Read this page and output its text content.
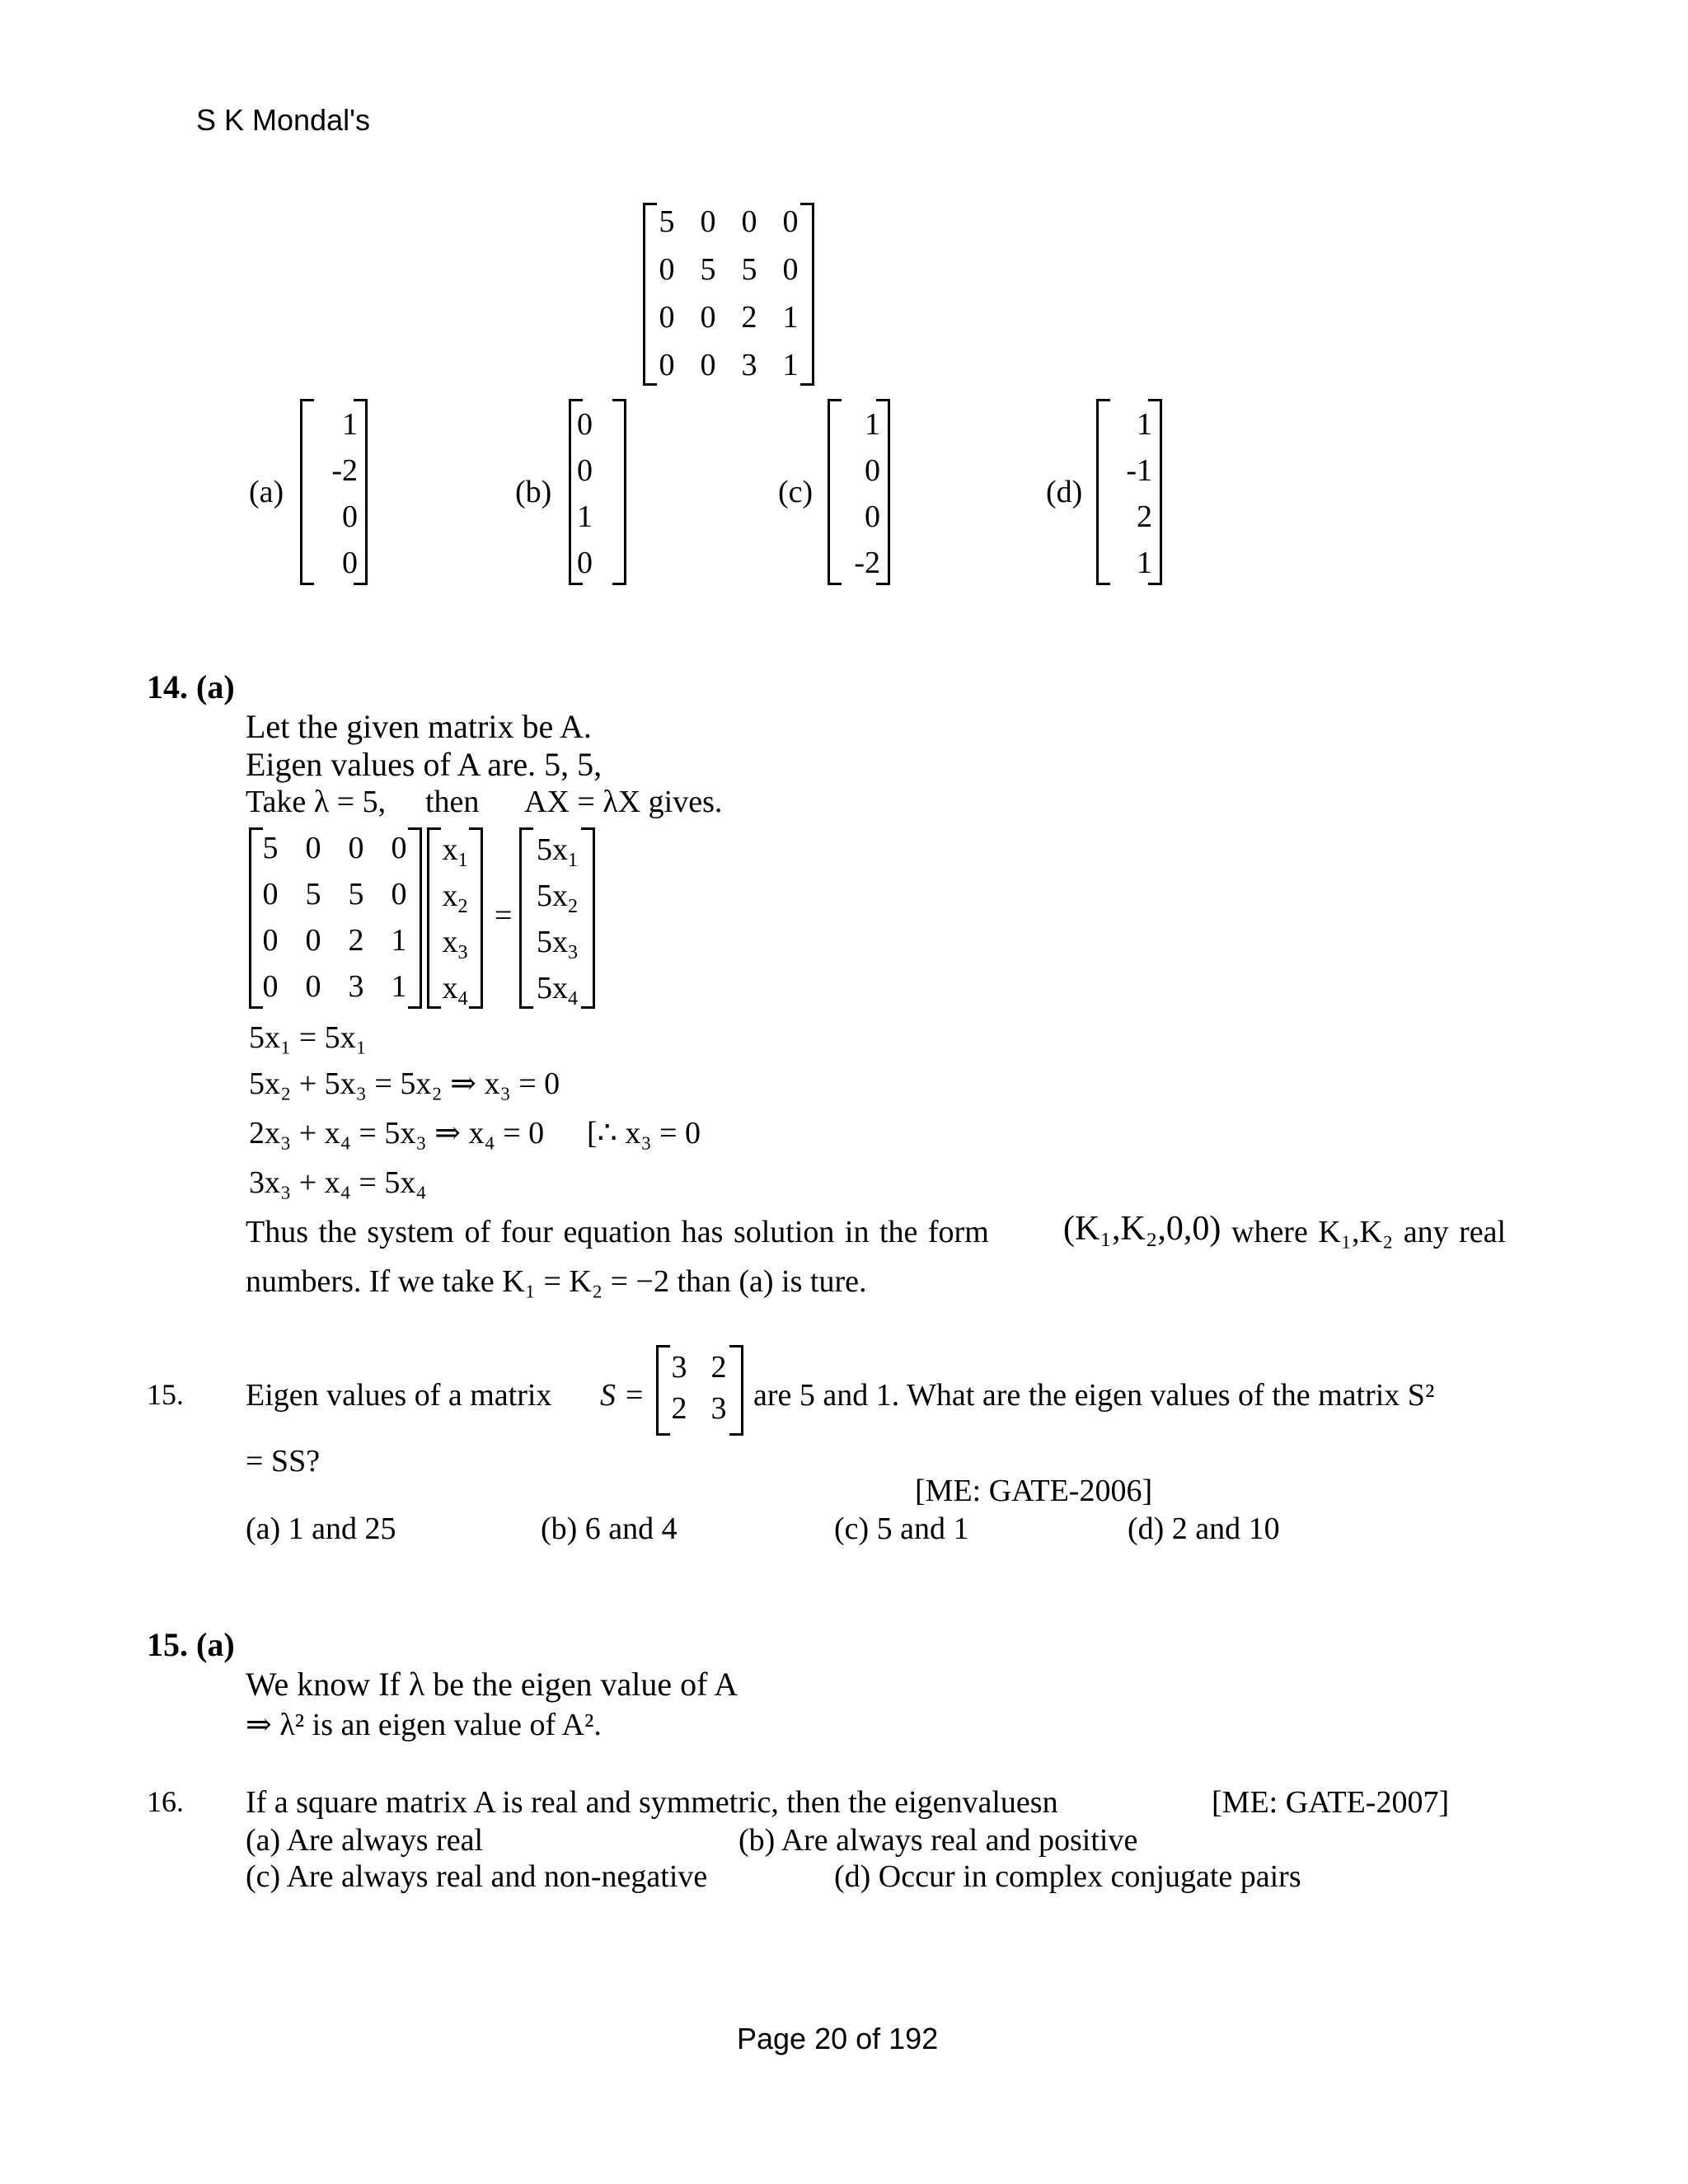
S K Mondal's
5 0 0 0
0 5 5 0
0 0 2 1
0 0 3 1
(a)
1
-2
0
0
(b)
0
0
1
0
(c)
1
0
0
-2
(d)
1
-1
2
1
14. (a)
Let the given matrix be A.
Eigen values of A are. 5, 5,
Take λ = 5, then AX = λX gives.
5 0 0 0
0 5 5 0
0 0 2 1
0 0 3 1
$x_1$
$x_2$
$x_3$
$x_4$
=
$5x_1$
$5x_2$
$5x_3$
$5x_4$
5x₁ = 5x₁
5x₂ + 5x₃ = 5x₂ ⇒ x₃ = 0
2x₃ + x₄ = 5x₃ ⇒ x₄ = 0 [∴ x₃ = 0
3x₃ + x₄ = 5x₄
Thus the system of four equation has solution in the form (K₁,K₂,0,0) where K₁,K₂ any real
numbers. If we take K₁ = K₂ = −2 than (a) is ture.
15. Eigen values of a matrix S =
3 2
2 3 are 5 and 1. What are the eigen values of the matrix S²
= SS?
[ME: GATE-2006]
(a) 1 and 25	(b) 6 and 4	(c) 5 and 1	(d) 2 and 10
15. (a)
We know If λ be the eigen value of A
⇒ λ² is an eigen value of A².
16. If a square matrix A is real and symmetric, then the eigenvaluesn	[ME: GATE-2007]
(a) Are always real	(b) Are always real and positive
(c) Are always real and non-negative	(d) Occur in complex conjugate pairs
Page 20 of 192
